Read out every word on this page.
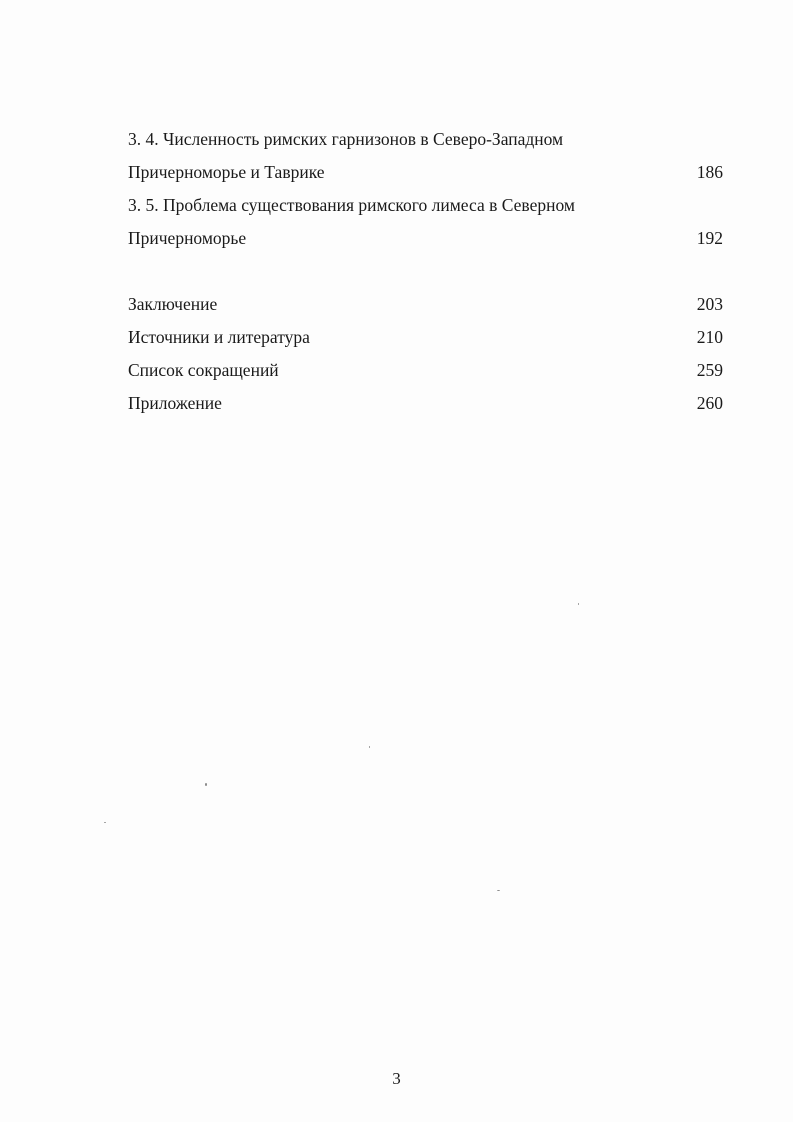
3. 4. Численность римских гарнизонов в Северо-Западном
Причерноморье и Таврике	186
3. 5. Проблема существования римского лимеса в Северном
Причерноморье	192
Заключение	203
Источники и литература	210
Список сокращений	259
Приложение	260
3
